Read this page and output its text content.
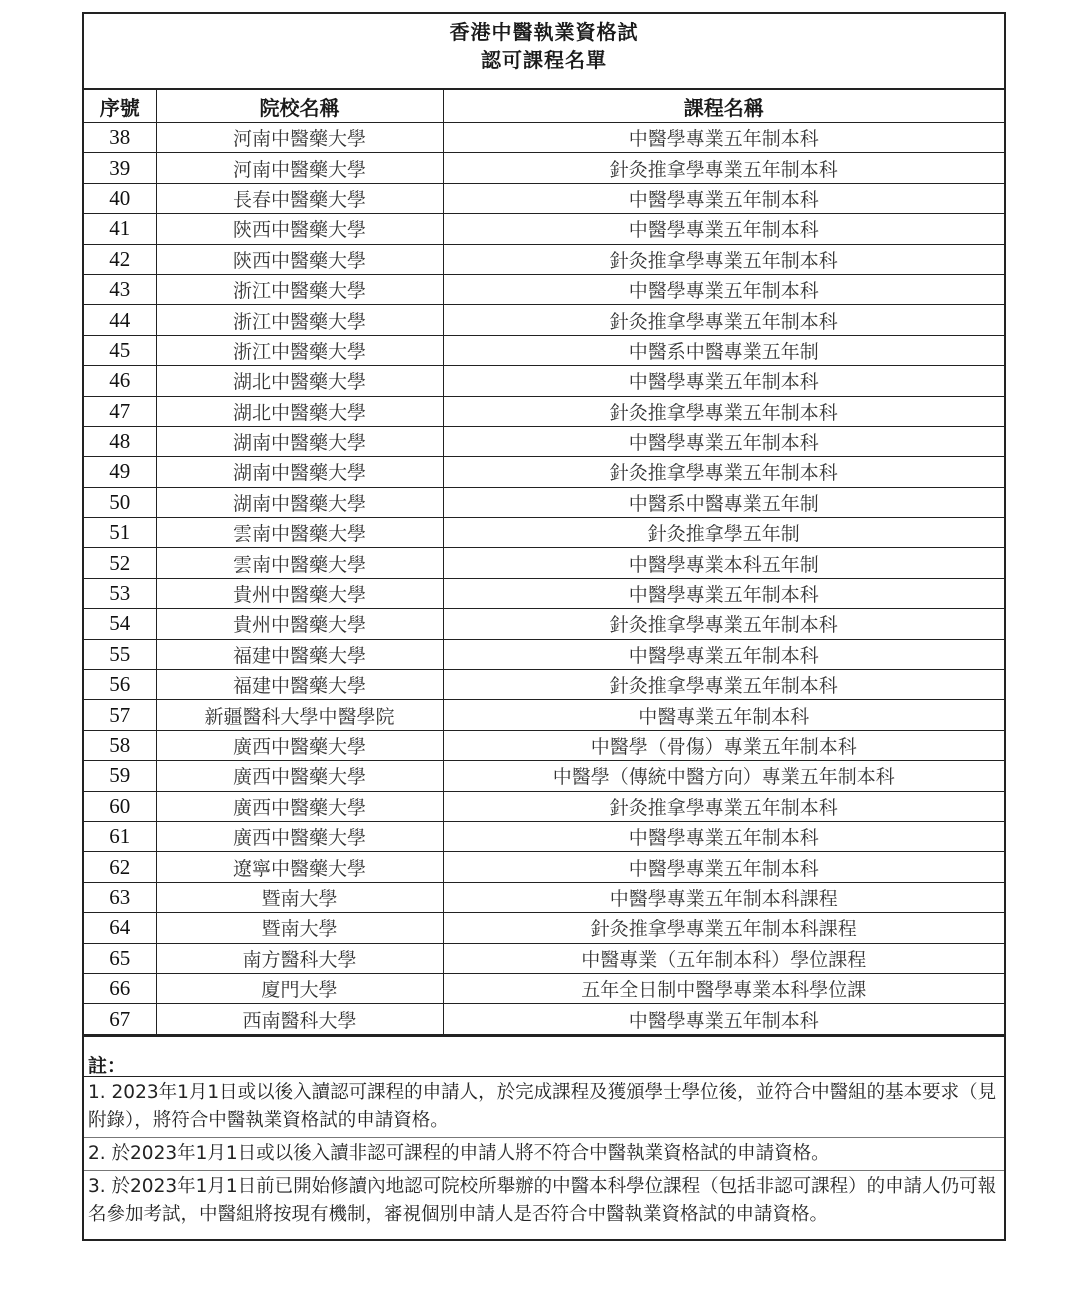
香港中醫執業資格試
認可課程名單
序號	院校名稱	課程名稱
38	河南中醫藥大學	中醫學專業五年制本科
39	河南中醫藥大學	針灸推拿學專業五年制本科
40	長春中醫藥大學	中醫學專業五年制本科
41	陝西中醫藥大學	中醫學專業五年制本科
42	陝西中醫藥大學	針灸推拿學專業五年制本科
43	浙江中醫藥大學	中醫學專業五年制本科
44	浙江中醫藥大學	針灸推拿學專業五年制本科
45	浙江中醫藥大學	中醫系中醫專業五年制
46	湖北中醫藥大學	中醫學專業五年制本科
47	湖北中醫藥大學	針灸推拿學專業五年制本科
48	湖南中醫藥大學	中醫學專業五年制本科
49	湖南中醫藥大學	針灸推拿學專業五年制本科
50	湖南中醫藥大學	中醫系中醫專業五年制
51	雲南中醫藥大學	針灸推拿學五年制
52	雲南中醫藥大學	中醫學專業本科五年制
53	貴州中醫藥大學	中醫學專業五年制本科
54	貴州中醫藥大學	針灸推拿學專業五年制本科
55	福建中醫藥大學	中醫學專業五年制本科
56	福建中醫藥大學	針灸推拿學專業五年制本科
57	新疆醫科大學中醫學院	中醫專業五年制本科
58	廣西中醫藥大學	中醫學（骨傷）專業五年制本科
59	廣西中醫藥大學	中醫學（傳統中醫方向）專業五年制本科
60	廣西中醫藥大學	針灸推拿學專業五年制本科
61	廣西中醫藥大學	中醫學專業五年制本科
62	遼寧中醫藥大學	中醫學專業五年制本科
63	暨南大學	中醫學專業五年制本科課程
64	暨南大學	針灸推拿學專業五年制本科課程
65	南方醫科大學	中醫專業（五年制本科）學位課程
66	廈門大學	五年全日制中醫學專業本科學位課
67	西南醫科大學	中醫學專業五年制本科
註：
1. 2023年1月1日或以後入讀認可課程的申請人，於完成課程及獲頒學士學位後，並符合中醫組的基本要求（見附錄），將符合中醫執業資格試的申請資格。
2. 於2023年1月1日或以後入讀非認可課程的申請人將不符合中醫執業資格試的申請資格。
3. 於2023年1月1日前已開始修讀內地認可院校所舉辦的中醫本科學位課程（包括非認可課程）的申請人仍可報名參加考試，中醫組將按現有機制，審視個別申請人是否符合中醫執業資格試的申請資格。
